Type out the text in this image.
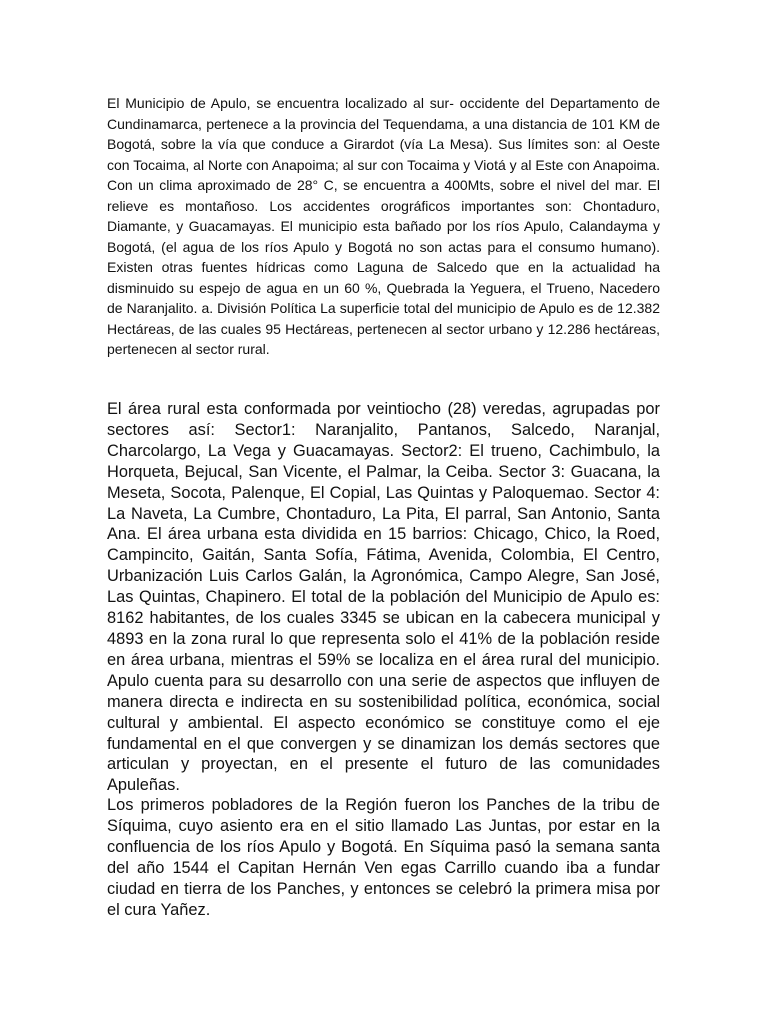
El Municipio de Apulo, se encuentra localizado al sur- occidente del Departamento de Cundinamarca, pertenece a la provincia del Tequendama, a una distancia de 101 KM de Bogotá, sobre la vía que conduce a Girardot (vía La Mesa). Sus límites son: al Oeste con Tocaima, al Norte con Anapoima; al sur con Tocaima y Viotá y al Este con Anapoima. Con un clima aproximado de 28° C, se encuentra a 400Mts, sobre el nivel del mar. El relieve es montañoso. Los accidentes orográficos importantes son: Chontaduro, Diamante, y Guacamayas. El municipio esta bañado por los ríos Apulo, Calandayma y Bogotá, (el agua de los ríos Apulo y Bogotá no son actas para el consumo humano). Existen otras fuentes hídricas como Laguna de Salcedo que en la actualidad ha disminuido su espejo de agua en un 60 %, Quebrada la Yeguera, el Trueno, Nacedero de Naranjalito. a. División Política La superficie total del municipio de Apulo es de 12.382 Hectáreas, de las cuales 95 Hectáreas, pertenecen al sector urbano y 12.286 hectáreas, pertenecen al sector rural.

El área rural esta conformada por veintiocho (28) veredas, agrupadas por sectores así: Sector1: Naranjalito, Pantanos, Salcedo, Naranjal, Charcolargo, La Vega y Guacamayas. Sector2: El trueno, Cachimbulo, la Horqueta, Bejucal, San Vicente, el Palmar, la Ceiba. Sector 3: Guacana, la Meseta, Socota, Palenque, El Copial, Las Quintas y Paloquemao. Sector 4: La Naveta, La Cumbre, Chontaduro, La Pita, El parral, San Antonio, Santa Ana. El área urbana esta dividida en 15 barrios: Chicago, Chico, la Roed, Campincito, Gaitán, Santa Sofía, Fátima, Avenida, Colombia, El Centro, Urbanización Luis Carlos Galán, la Agronómica, Campo Alegre, San José, Las Quintas, Chapinero. El total de la población del Municipio de Apulo es: 8162 habitantes, de los cuales 3345 se ubican en la cabecera municipal y 4893 en la zona rural lo que representa solo el 41% de la población reside en área urbana, mientras el 59% se localiza en el área rural del municipio. Apulo cuenta para su desarrollo con una serie de aspectos que influyen de manera directa e indirecta en su sostenibilidad política, económica, social cultural y ambiental. El aspecto económico se constituye como el eje fundamental en el que convergen y se dinamizan los demás sectores que articulan y proyectan, en el presente el futuro de las comunidades Apuleñas.

Los primeros pobladores de la Región fueron los Panches de la tribu de Síquima, cuyo asiento era en el sitio llamado Las Juntas, por estar en la confluencia de los ríos Apulo y Bogotá. En Síquima pasó la semana santa del año 1544 el Capitan Hernán Ven egas Carrillo cuando iba a fundar ciudad en tierra de los Panches, y entonces se celebró la primera misa por el cura Yañez.
